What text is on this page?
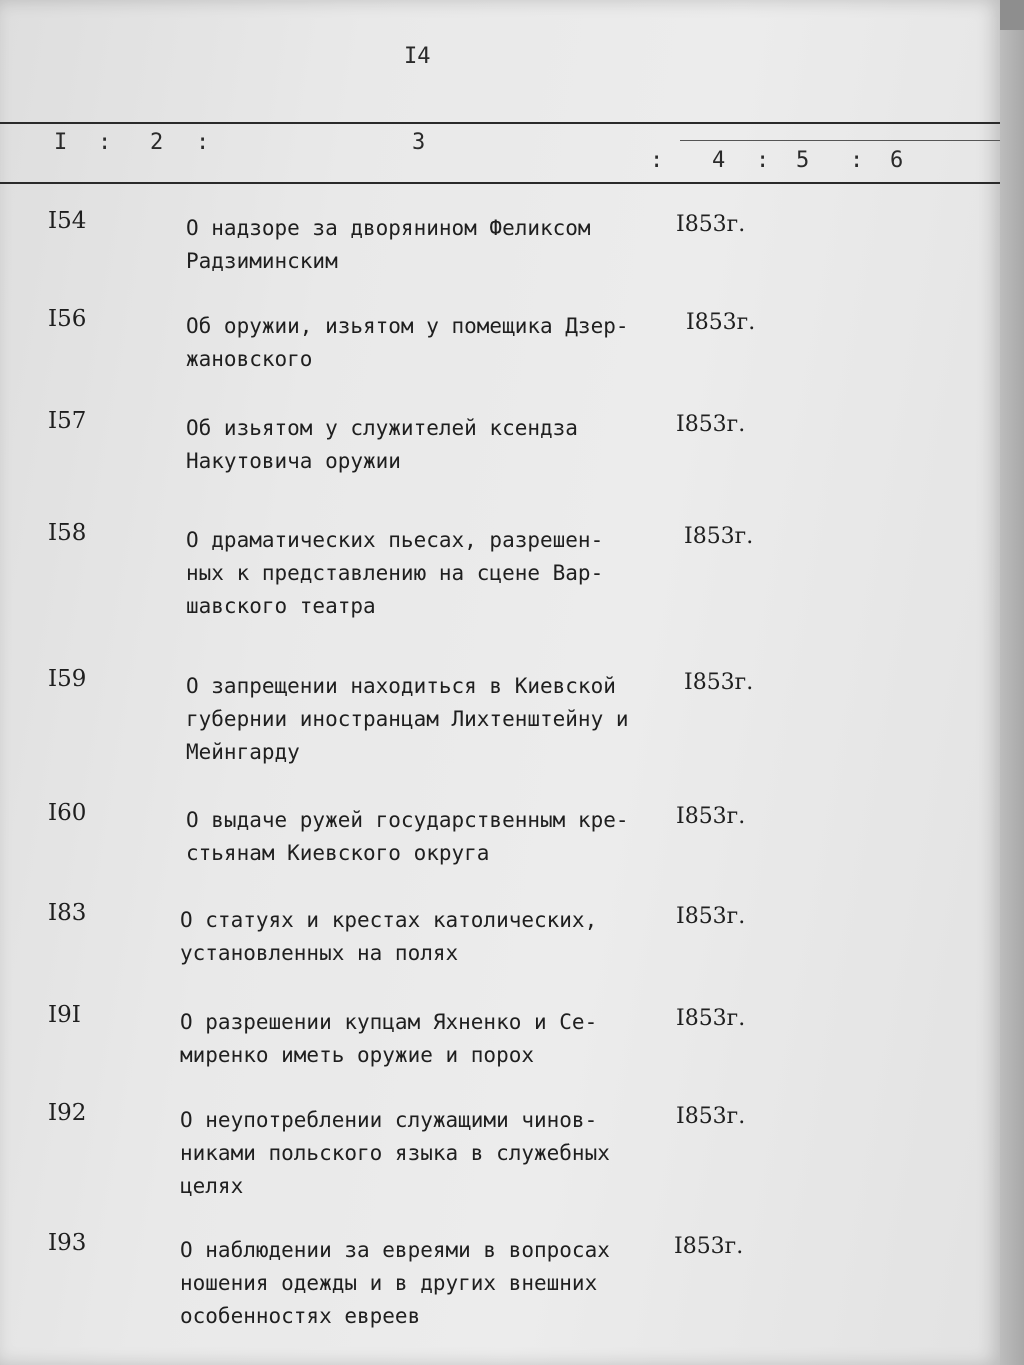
I4
I : 2 :	3
: 4 : 5 : 6
I54	О надзоре за дворянином Феликсом
Радзиминским
I853г.
I56	Об оружии, изьятом у помещика Дзер-
жановского
I853г.
I57	Об изьятом у служителей ксендза
Накутовича оружии
I853г.
I58	О драматических пьесах, разрешен-
ных к представлению на сцене Вар-
шавского театра
I853г.
I59	О запрещении находиться в Киевской
губернии иностранцам Лихтенштейну и
Мейнгарду
I853г.
I60	О выдаче ружей государственным кре-
стьянам Киевского округа
I853г.
I83	О статуях и крестах католических,
установленных на полях
I853г.
I9I	О разрешении купцам Яхненко и Се-
миренко иметь оружие и порох
I853г.
I92	О неупотреблении служащими чинов-
никами польского языка в служебных
целях
I853г.
I93	О наблюдении за евреями в вопросах
ношения одежды и в других внешних
особенностях евреев
I853г.
